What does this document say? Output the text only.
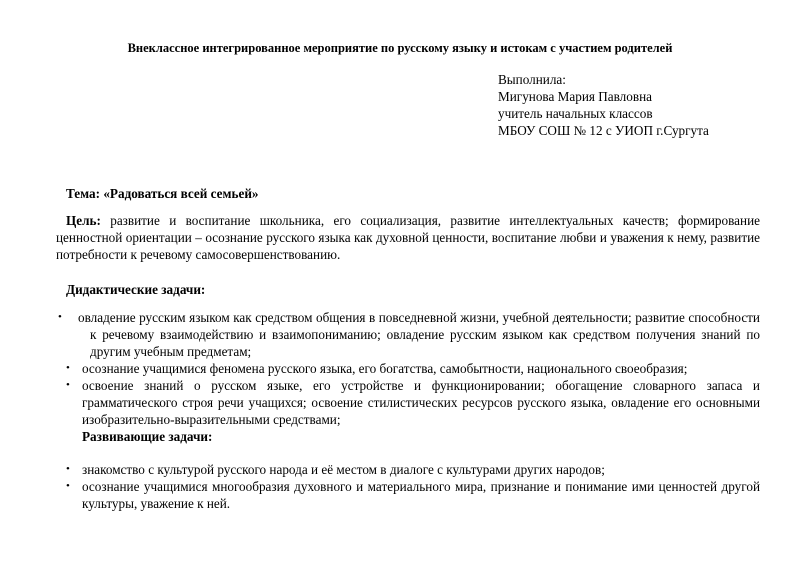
Внеклассное интегрированное мероприятие по русскому языку и истокам с участием родителей
Выполнила:
Мигунова Мария Павловна
учитель начальных классов
МБОУ СОШ № 12 с УИОП г.Сургута
Тема: «Радоваться всей семьей»
Цель: развитие и воспитание школьника, его социализация, развитие интеллектуальных качеств; формирование ценностной ориентации – осознание русского языка как духовной ценности, воспитание любви и уважения к нему, развитие потребности к речевому самосовершенствованию.
Дидактические задачи:
•	овладение русским языком как средством общения в повседневной жизни, учебной деятельности; развитие способности к речевому взаимодействию и взаимопониманию; овладение русским языком как средством получения знаний по другим учебным предметам;
• осознание учащимися феномена русского языка, его богатства, самобытности, национального своеобразия;
• освоение знаний о русском языке, его устройстве и функционировании; обогащение словарного запаса и грамматического строя речи учащихся; освоение стилистических ресурсов русского языка, овладение его основными изобразительно-выразительными средствами;
Развивающие задачи:
• знакомство с культурой русского народа и её местом в диалоге с культурами других народов;
• осознание учащимися многообразия духовного и материального мира, признание и понимание ими ценностей другой культуры, уважение к ней.
